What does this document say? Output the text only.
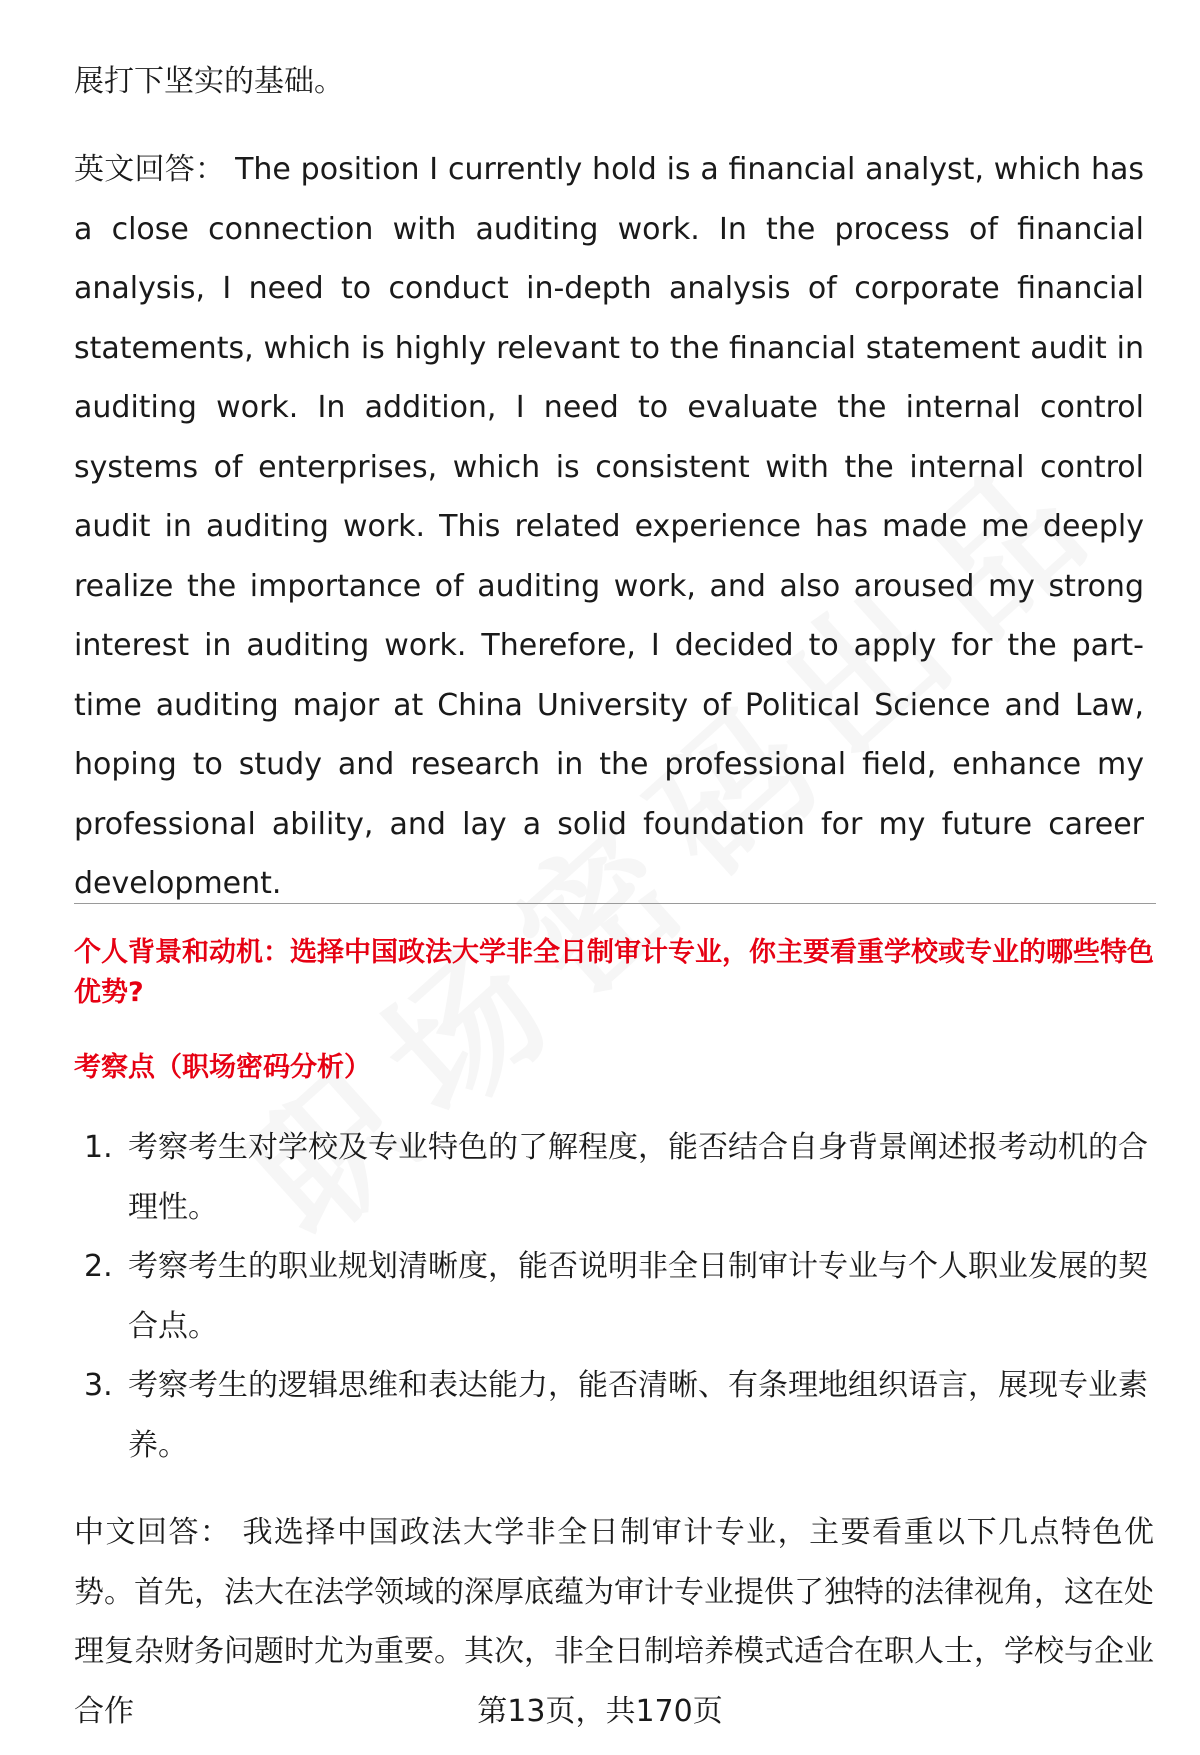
展打下坚实的基础。

英文回答： The position I currently hold is a financial analyst, which has a close connection with auditing work. In the process of financial analysis, I need to conduct in-depth analysis of corporate financial statements, which is highly relevant to the financial statement audit in auditing work. In addition, I need to evaluate the internal control systems of enterprises, which is consistent with the internal control audit in auditing work. This related experience has made me deeply realize the importance of auditing work, and also aroused my strong interest in auditing work. Therefore, I decided to apply for the part-time auditing major at China University of Political Science and Law, hoping to study and research in the professional field, enhance my professional ability, and lay a solid foundation for my future career development.

个人背景和动机：选择中国政法大学非全日制审计专业，你主要看重学校或专业的哪些特色优势?

考察点（职场密码分析）

1. 考察考生对学校及专业特色的了解程度，能否结合自身背景阐述报考动机的合理性。
2. 考察考生的职业规划清晰度，能否说明非全日制审计专业与个人职业发展的契合点。
3. 考察考生的逻辑思维和表达能力，能否清晰、有条理地组织语言，展现专业素养。

中文回答： 我选择中国政法大学非全日制审计专业，主要看重以下几点特色优势。首先，法大在法学领域的深厚底蕴为审计专业提供了独特的法律视角，这在处理复杂财务问题时尤为重要。其次，非全日制培养模式适合在职人士，学校与企业合作	第13页，共170页
